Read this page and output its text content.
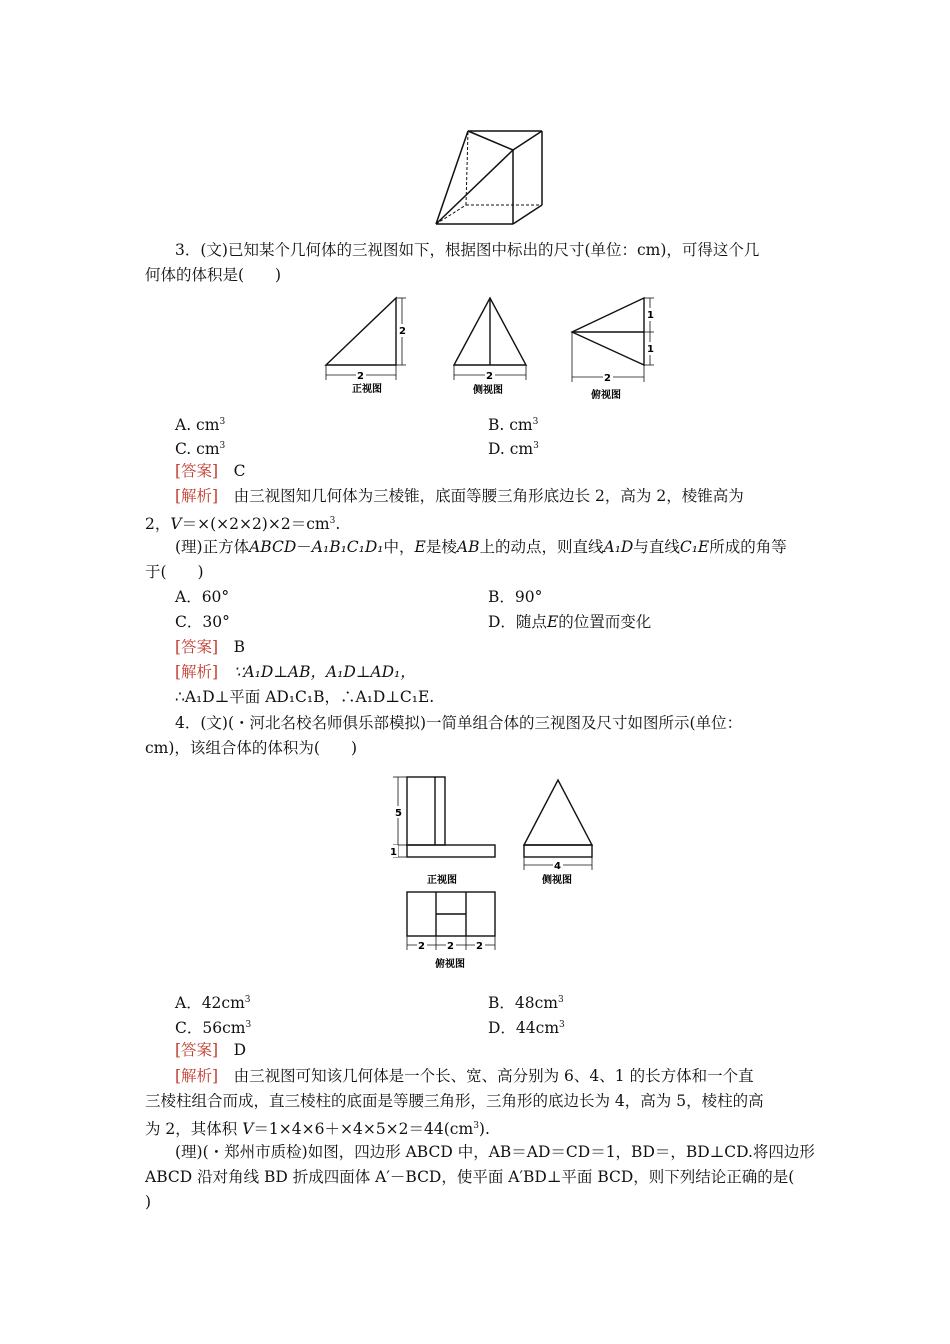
3．(文)已知某个几何体的三视图如下，根据图中标出的尺寸(单位：cm)，可得这个几
何体的体积是(　　)
2
2	2
1
1
2
正视图	侧视图	俯视图
A. $cm^3$	B. $cm^3$
C. $cm^3$	D. $cm^3$
[答案]　 C
[解析]　 由三视图知几何体为三棱锥，底面等腰三角形底边长 2，高为 2，棱锥高为
2，$V=\times(\times 2\times 2)\times 2=cm^3$.
(理)正方体ABCD－A₁B₁C₁D₁中，E是棱AB上的动点，则直线A₁D与直线C₁E所成的角等
于(　　)
A．60°	B．90°
C．30°	D．随点E的位置而变化
[答案]　 B
[解析]　 ∵A₁D⊥AB，A₁D⊥AD₁，
∴A₁D⊥平面 AD₁C₁B，∴A₁D⊥C₁E.
4．(文)(・河北名校名师俱乐部模拟)一简单组合体的三视图及尺寸如图所示(单位：
cm)，该组合体的体积为(　　)
5
1
4
2 2 2
正视图	侧视图
俯视图
A．$42cm^3$	B．$48cm^3$
C．$56cm^3$	D．$44cm^3$
[答案]　 D
[解析]　 由三视图可知该几何体是一个长、宽、高分别为 6、4、1 的长方体和一个直
三棱柱组合而成，直三棱柱的底面是等腰三角形，三角形的底边长为 4，高为 5，棱柱的高
为 2，其体积 $V=1\times 4\times 6+\times 4\times 5\times 2=44(cm^3)$.
(理)(・郑州市质检)如图，四边形 ABCD 中，AB＝AD＝CD＝1，BD＝，BD⊥CD.将四边形
ABCD 沿对角线 BD 折成四面体 A′－BCD，使平面 A′BD⊥平面 BCD，则下列结论正确的是(
)
